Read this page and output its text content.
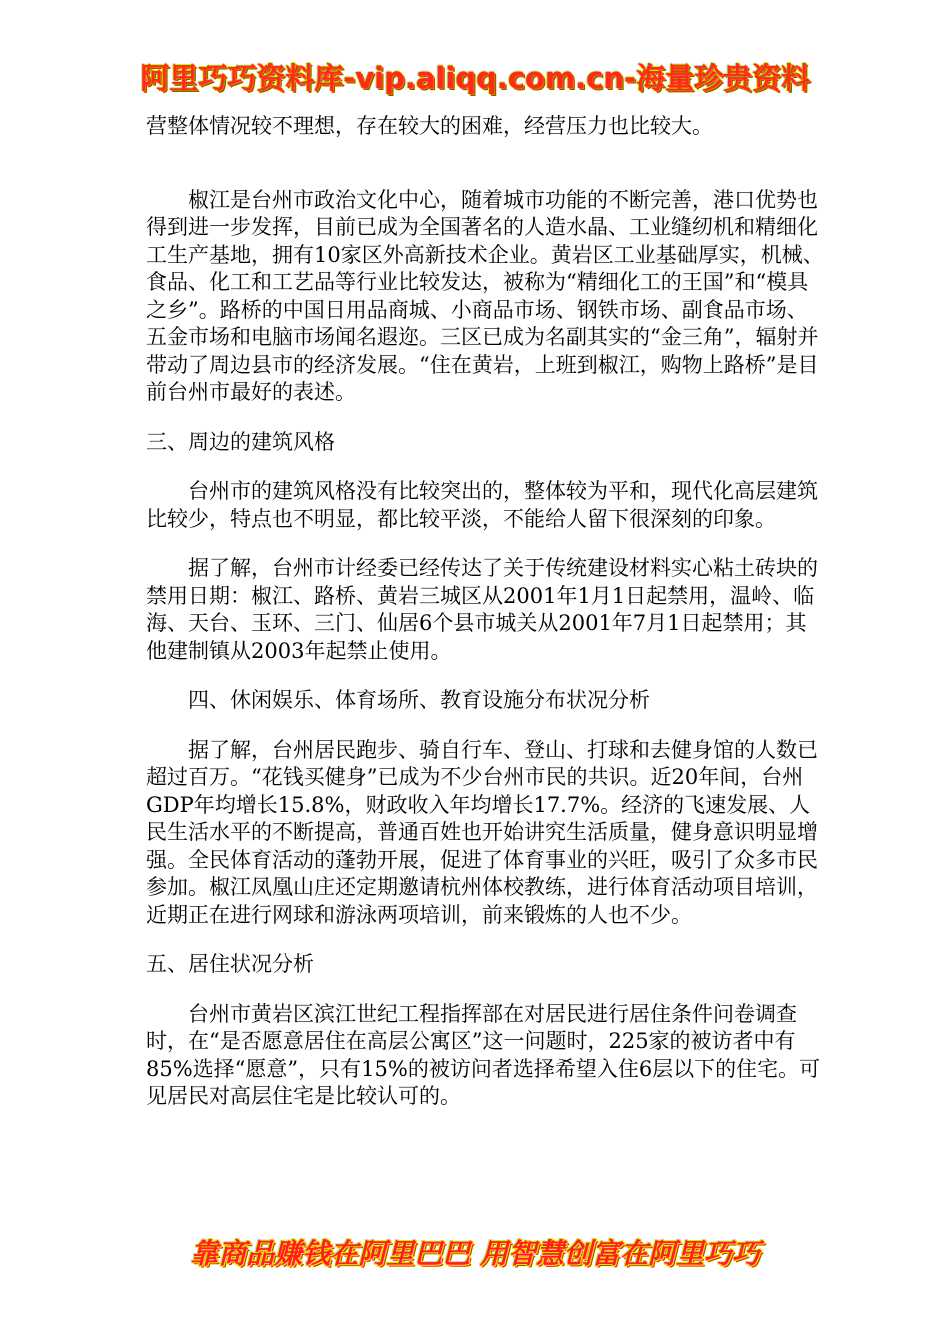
阿里巧巧资料库-vip.aliqq.com.cn-海量珍贵资料

营整体情况较不理想，存在较大的困难，经营压力也比较大。

椒江是台州市政治文化中心，随着城市功能的不断完善，港口优势也得到进一步发挥，目前已成为全国著名的人造水晶、工业缝纫机和精细化工生产基地，拥有10家区外高新技术企业。黄岩区工业基础厚实，机械、食品、化工和工艺品等行业比较发达，被称为“精细化工的王国”和“模具之乡”。路桥的中国日用品商城、小商品市场、钢铁市场、副食品市场、五金市场和电脑市场闻名遐迩。三区已成为名副其实的“金三角”，辐射并带动了周边县市的经济发展。“住在黄岩，上班到椒江，购物上路桥”是目前台州市最好的表述。

三、周边的建筑风格

台州市的建筑风格没有比较突出的，整体较为平和，现代化高层建筑比较少，特点也不明显，都比较平淡，不能给人留下很深刻的印象。

据了解，台州市计经委已经传达了关于传统建设材料实心粘土砖块的禁用日期：椒江、路桥、黄岩三城区从2001年1月1日起禁用，温岭、临海、天台、玉环、三门、仙居6个县市城关从2001年7月1日起禁用；其他建制镇从2003年起禁止使用。

四、休闲娱乐、体育场所、教育设施分布状况分析

据了解，台州居民跑步、骑自行车、登山、打球和去健身馆的人数已超过百万。“花钱买健身”已成为不少台州市民的共识。近20年间，台州GDP年均增长15.8%，财政收入年均增长17.7%。经济的飞速发展、人民生活水平的不断提高，普通百姓也开始讲究生活质量，健身意识明显增强。全民体育活动的蓬勃开展，促进了体育事业的兴旺，吸引了众多市民参加。椒江凤凰山庄还定期邀请杭州体校教练，进行体育活动项目培训，近期正在进行网球和游泳两项培训，前来锻炼的人也不少。

五、居住状况分析

台州市黄岩区滨江世纪工程指挥部在对居民进行居住条件问卷调查时，在“是否愿意居住在高层公寓区”这一问题时，225家的被访者中有85%选择“愿意”，只有15%的被访问者选择希望入住6层以下的住宅。可见居民对高层住宅是比较认可的。

靠商品赚钱在阿里巴巴 用智慧创富在阿里巧巧
